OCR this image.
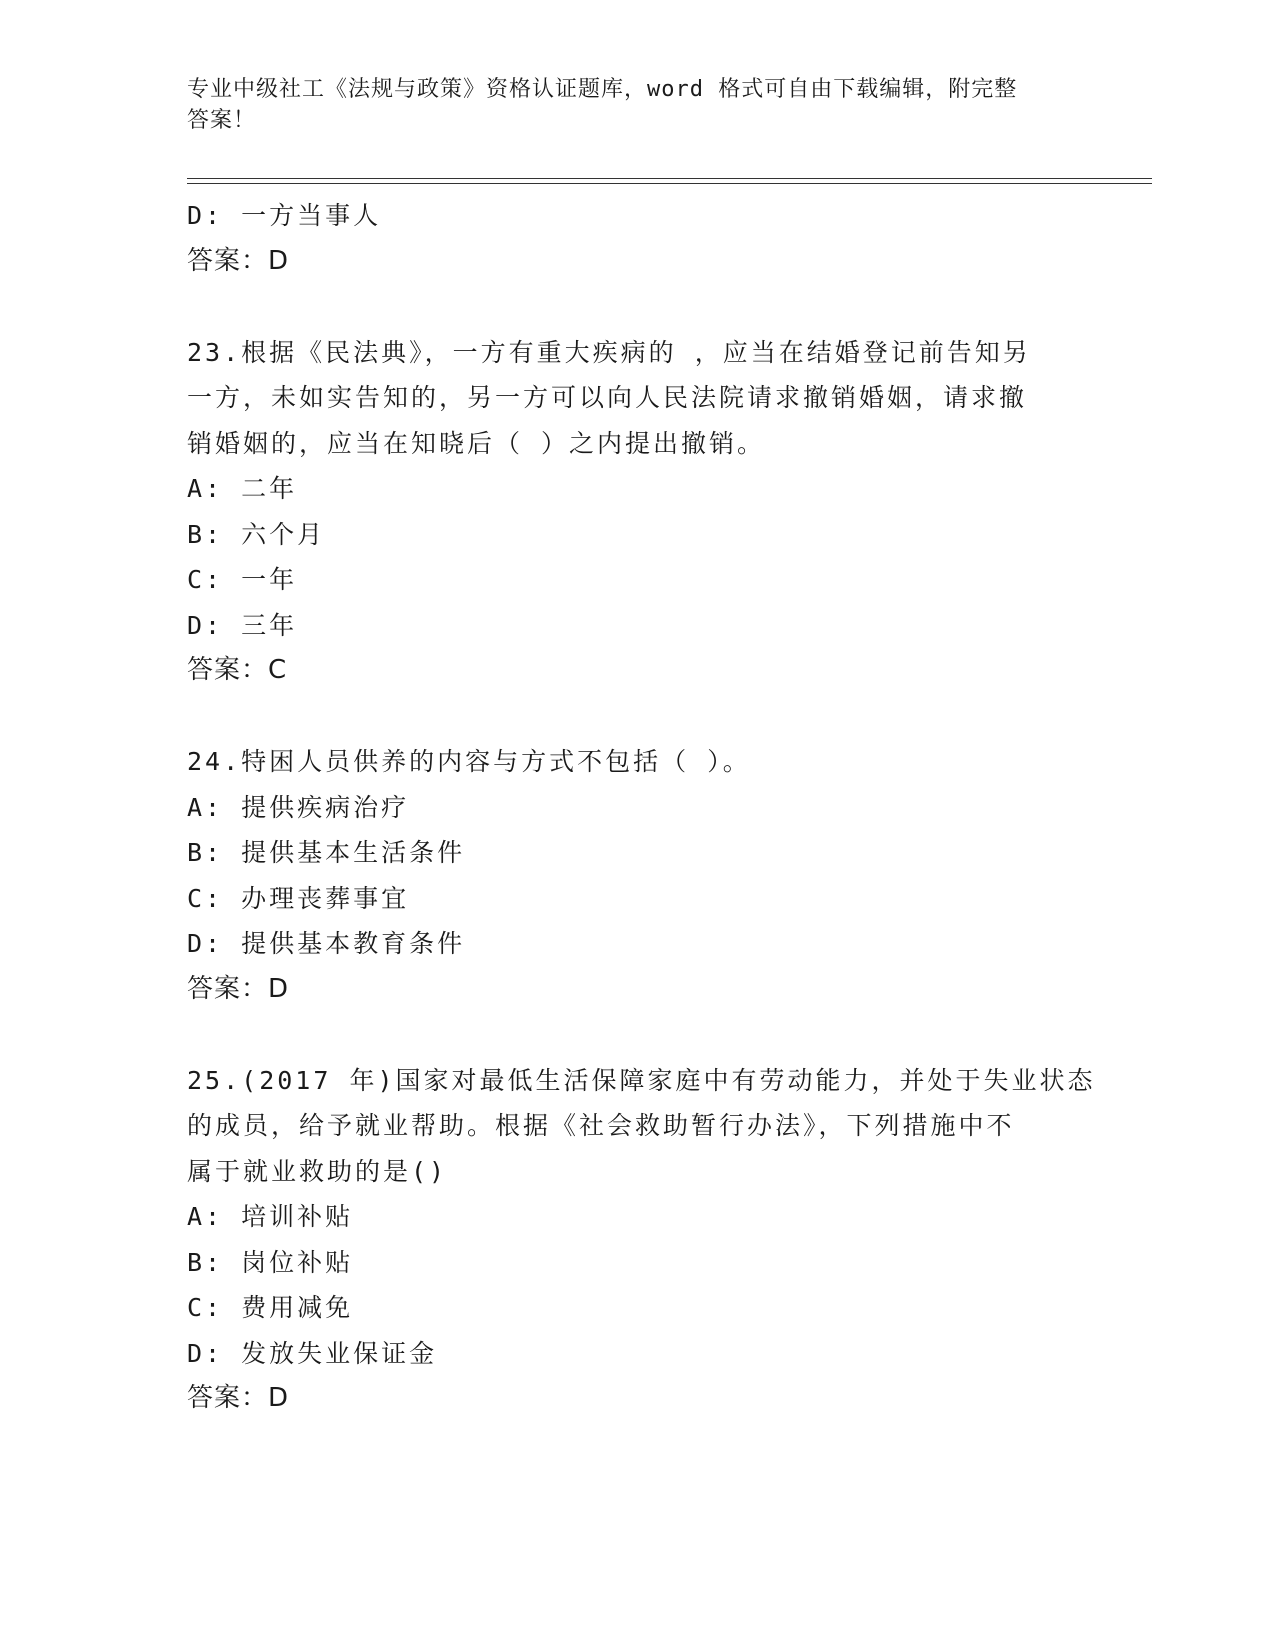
专业中级社工《法规与政策》资格认证题库，word 格式可自由下载编辑，附完整
答案！
D: 一方当事人
答案：D
23.根据《民法典》，一方有重大疾病的 ，应当在结婚登记前告知另
一方，未如实告知的，另一方可以向人民法院请求撤销婚姻，请求撤
销婚姻的，应当在知晓后（ ）之内提出撤销。
A: 二年
B: 六个月
C: 一年
D: 三年
答案：C
24.特困人员供养的内容与方式不包括（ ）。
A: 提供疾病治疗
B: 提供基本生活条件
C: 办理丧葬事宜
D: 提供基本教育条件
答案：D
25.(2017 年)国家对最低生活保障家庭中有劳动能力，并处于失业状态
的成员，给予就业帮助。根据《社会救助暂行办法》，下列措施中不
属于就业救助的是()
A: 培训补贴
B: 岗位补贴
C: 费用减免
D: 发放失业保证金
答案：D
